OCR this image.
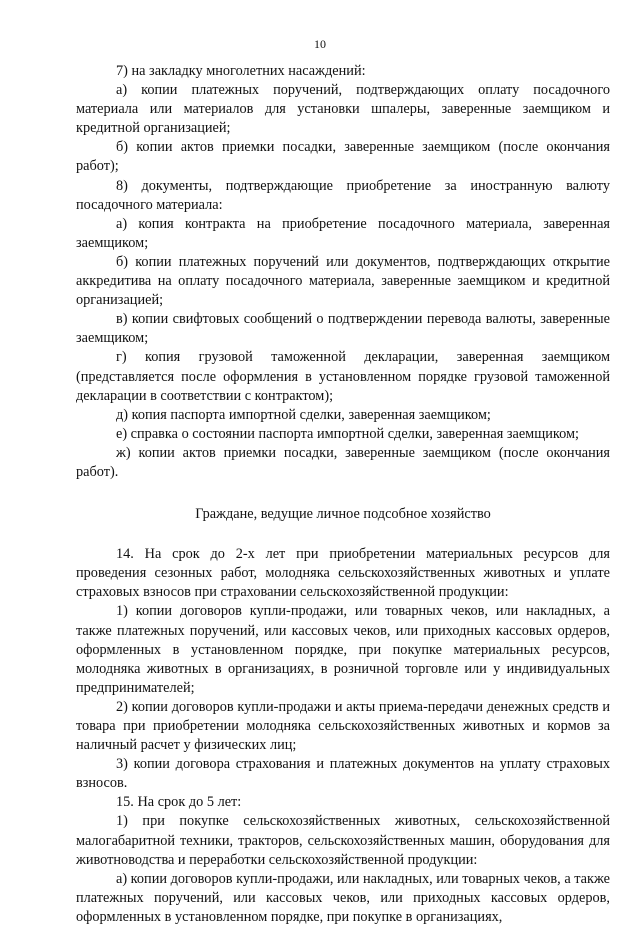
10

7) на закладку многолетних насаждений:

а) копии платежных поручений, подтверждающих оплату посадочного материала или материалов для установки шпалеры, заверенные заемщиком и кредитной организацией;

б) копии актов приемки посадки, заверенные заемщиком (после окончания работ);

8) документы, подтверждающие приобретение за иностранную валюту посадочного материала:

а) копия контракта на приобретение посадочного материала, заверенная заемщиком;

б) копии платежных поручений или документов, подтверждающих открытие аккредитива на оплату посадочного материала, заверенные заемщиком и кредитной организацией;

в) копии свифтовых сообщений о подтверждении перевода валюты, заверенные заемщиком;

г) копия грузовой таможенной декларации, заверенная заемщиком (представляется после оформления в установленном порядке грузовой таможенной декларации в соответствии с контрактом);

д) копия паспорта импортной сделки, заверенная заемщиком;

е) справка о состоянии паспорта импортной сделки, заверенная заемщиком;

ж) копии актов приемки посадки, заверенные заемщиком (после окончания работ).

Граждане, ведущие личное подсобное хозяйство

14. На срок до 2-х лет при приобретении материальных ресурсов для проведения сезонных работ, молодняка сельскохозяйственных животных и уплате страховых взносов при страховании сельскохозяйственной продукции:

1) копии договоров купли-продажи, или товарных чеков, или накладных, а также платежных поручений, или кассовых чеков, или приходных кассовых ордеров, оформленных в установленном порядке, при покупке материальных ресурсов, молодняка животных в организациях, в розничной торговле или у индивидуальных предпринимателей;

2) копии договоров купли-продажи и акты приема-передачи денежных средств и товара при приобретении молодняка сельскохозяйственных животных и кормов за наличный расчет у физических лиц;

3) копии договора страхования и платежных документов на уплату страховых взносов.

15. На срок до 5 лет:

1) при покупке сельскохозяйственных животных, сельскохозяйственной малогабаритной техники, тракторов, сельскохозяйственных машин, оборудования для животноводства и переработки сельскохозяйственной продукции:

а) копии договоров купли-продажи, или накладных, или товарных чеков, а также платежных поручений, или кассовых чеков, или приходных кассовых ордеров, оформленных в установленном порядке, при покупке в организациях,
